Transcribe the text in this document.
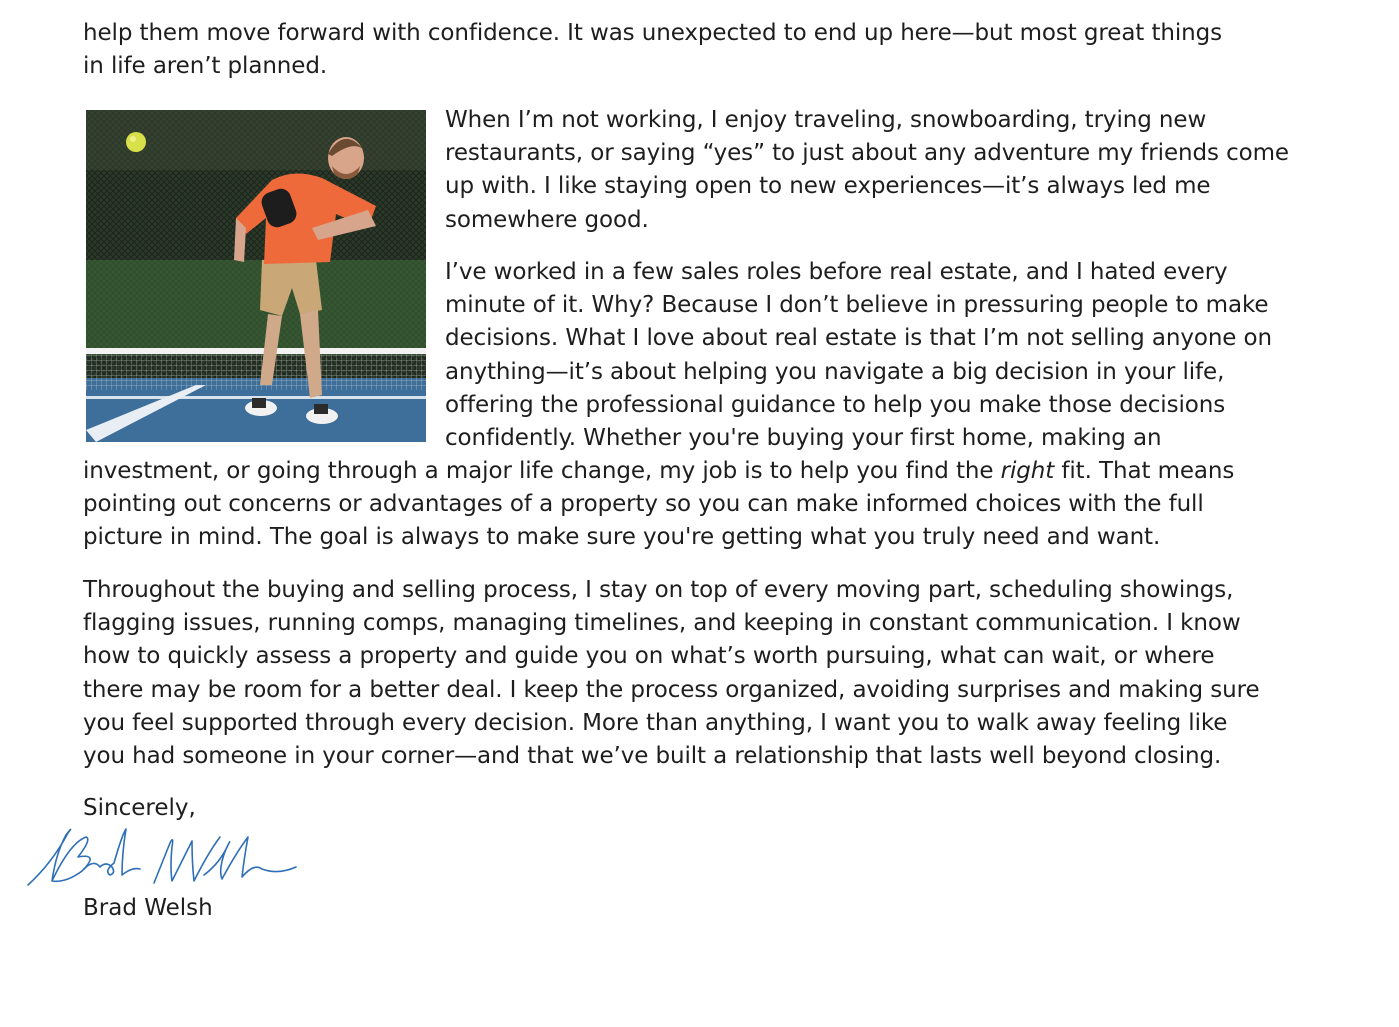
help them move forward with confidence. It was unexpected to end up here—but most great things
in life aren’t planned.
When I’m not working, I enjoy traveling, snowboarding, trying new
restaurants, or saying “yes” to just about any adventure my friends come
up with. I like staying open to new experiences—it’s always led me
somewhere good.
I’ve worked in a few sales roles before real estate, and I hated every
minute of it. Why? Because I don’t believe in pressuring people to make
decisions. What I love about real estate is that I’m not selling anyone on
anything—it’s about helping you navigate a big decision in your life,
offering the professional guidance to help you make those decisions
confidently. Whether you're buying your first home, making an
investment, or going through a major life change, my job is to help you find the right fit. That means
pointing out concerns or advantages of a property so you can make informed choices with the full
picture in mind. The goal is always to make sure you're getting what you truly need and want.
Throughout the buying and selling process, I stay on top of every moving part, scheduling showings,
flagging issues, running comps, managing timelines, and keeping in constant communication. I know
how to quickly assess a property and guide you on what’s worth pursuing, what can wait, or where
there may be room for a better deal. I keep the process organized, avoiding surprises and making sure
you feel supported through every decision. More than anything, I want you to walk away feeling like
you had someone in your corner—and that we’ve built a relationship that lasts well beyond closing.
Sincerely,
Brad Welsh
